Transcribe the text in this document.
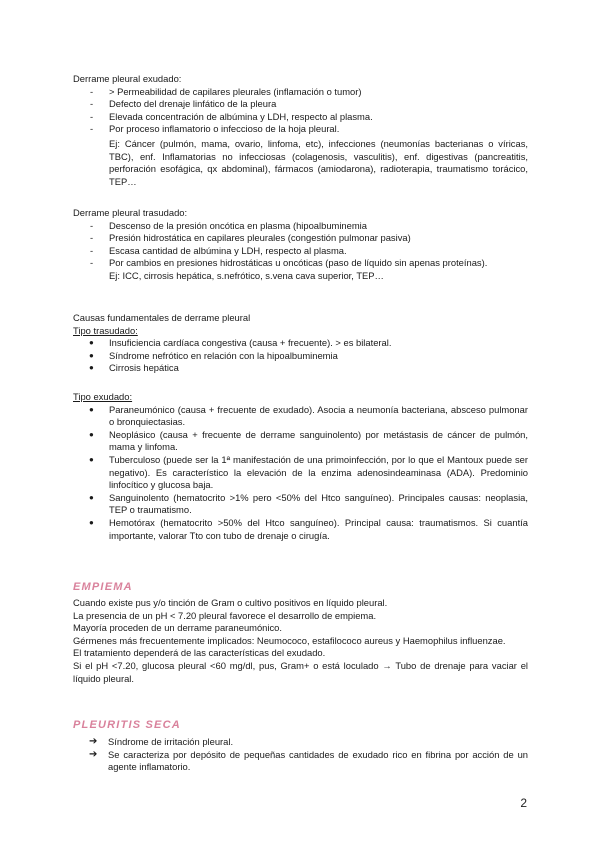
Derrame pleural exudado:

- > Permeabilidad de capilares pleurales (inflamación o tumor)
- Defecto del drenaje linfático de la pleura
- Elevada concentración de albúmina y LDH, respecto al plasma.
- Por proceso inflamatorio o infeccioso de la hoja pleural.
Ej: Cáncer (pulmón, mama, ovario, linfoma, etc), infecciones (neumonías bacterianas o víricas, TBC), enf. Inflamatorias no infecciosas (colagenosis, vasculitis), enf. digestivas (pancreatitis, perforación esofágica, qx abdominal), fármacos (amiodarona), radioterapia, traumatismo torácico, TEP…

Derrame pleural trasudado:

- Descenso de la presión oncótica en plasma (hipoalbuminemia
- Presión hidrostática en capilares pleurales (congestión pulmonar pasiva)
- Escasa cantidad de albúmina y LDH, respecto al plasma.
- Por cambios en presiones hidrostáticas u oncóticas (paso de líquido sin apenas proteínas).
Ej: ICC, cirrosis hepática, s.nefrótico, s.vena cava superior, TEP…

Causas fundamentales de derrame pleural

Tipo trasudado:

● Insuficiencia cardíaca congestiva (causa + frecuente). > es bilateral.
● Síndrome nefrótico en relación con la hipoalbuminemia
● Cirrosis hepática

Tipo exudado:

● Paraneumónico (causa + frecuente de exudado). Asocia a neumonía bacteriana, absceso pulmonar o bronquiectasias.
● Neoplásico (causa + frecuente de derrame sanguinolento) por metástasis de cáncer de pulmón, mama y linfoma.
● Tuberculoso (puede ser la 1ª manifestación de una primoinfección, por lo que el Mantoux puede ser negativo). Es característico la elevación de la enzima adenosindeaminasa (ADA). Predominio linfocítico y glucosa baja.
● Sanguinolento (hematocrito >1% pero <50% del Htco sanguíneo). Principales causas: neoplasia, TEP o traumatismo.
● Hemotórax (hematocrito >50% del Htco sanguíneo). Principal causa: traumatismos. Si cuantía importante, valorar Tto con tubo de drenaje o cirugía.

EMPIEMA

Cuando existe pus y/o tinción de Gram o cultivo positivos en líquido pleural.

La presencia de un pH < 7.20 pleural favorece el desarrollo de empiema.

Mayoría proceden de un derrame paraneumónico.

Gérmenes más frecuentemente implicados: Neumococo, estafilococo aureus y Haemophilus influenzae.

El tratamiento dependerá de las características del exudado.

Si el pH <7.20, glucosa pleural <60 mg/dl, pus, Gram+ o está loculado → Tubo de drenaje para vaciar el líquido pleural.

PLEURITIS SECA

➔ Síndrome de irritación pleural.
➔ Se caracteriza por depósito de pequeñas cantidades de exudado rico en fibrina por acción de un agente inflamatorio.
2
